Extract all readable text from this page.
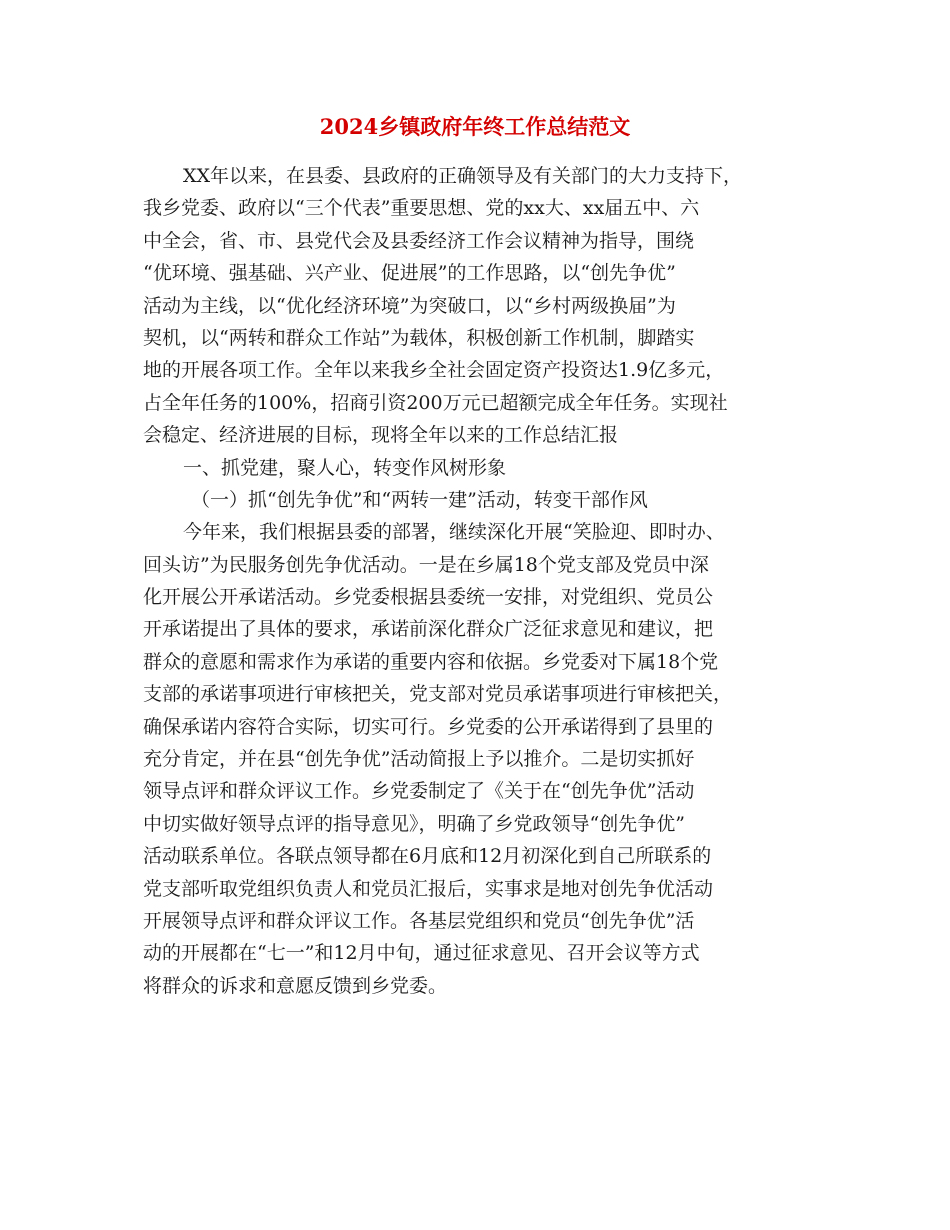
2024乡镇政府年终工作总结范文
XX年以来，在县委、县政府的正确领导及有关部门的大力支持下，
我乡党委、政府以“三个代表”重要思想、党的xx大、xx届五中、六
中全会，省、市、县党代会及县委经济工作会议精神为指导，围绕
“优环境、强基础、兴产业、促进展”的工作思路，以“创先争优”
活动为主线，以“优化经济环境”为突破口，以“乡村两级换届”为
契机，以“两转和群众工作站”为载体，积极创新工作机制，脚踏实
地的开展各项工作。全年以来我乡全社会固定资产投资达1.9亿多元，
占全年任务的100%，招商引资200万元已超额完成全年任务。实现社
会稳定、经济进展的目标，现将全年以来的工作总结汇报
一、抓党建，聚人心，转变作风树形象
（一）抓“创先争优”和“两转一建”活动，转变干部作风
今年来，我们根据县委的部署，继续深化开展“笑脸迎、即时办、
回头访”为民服务创先争优活动。一是在乡属18个党支部及党员中深
化开展公开承诺活动。乡党委根据县委统一安排，对党组织、党员公
开承诺提出了具体的要求，承诺前深化群众广泛征求意见和建议，把
群众的意愿和需求作为承诺的重要内容和依据。乡党委对下属18个党
支部的承诺事项进行审核把关，党支部对党员承诺事项进行审核把关，
确保承诺内容符合实际，切实可行。乡党委的公开承诺得到了县里的
充分肯定，并在县“创先争优”活动简报上予以推介。二是切实抓好
领导点评和群众评议工作。乡党委制定了《关于在“创先争优”活动
中切实做好领导点评的指导意见》，明确了乡党政领导“创先争优”
活动联系单位。各联点领导都在6月底和12月初深化到自己所联系的
党支部听取党组织负责人和党员汇报后，实事求是地对创先争优活动
开展领导点评和群众评议工作。各基层党组织和党员“创先争优”活
动的开展都在“七一”和12月中旬，通过征求意见、召开会议等方式
将群众的诉求和意愿反馈到乡党委。
